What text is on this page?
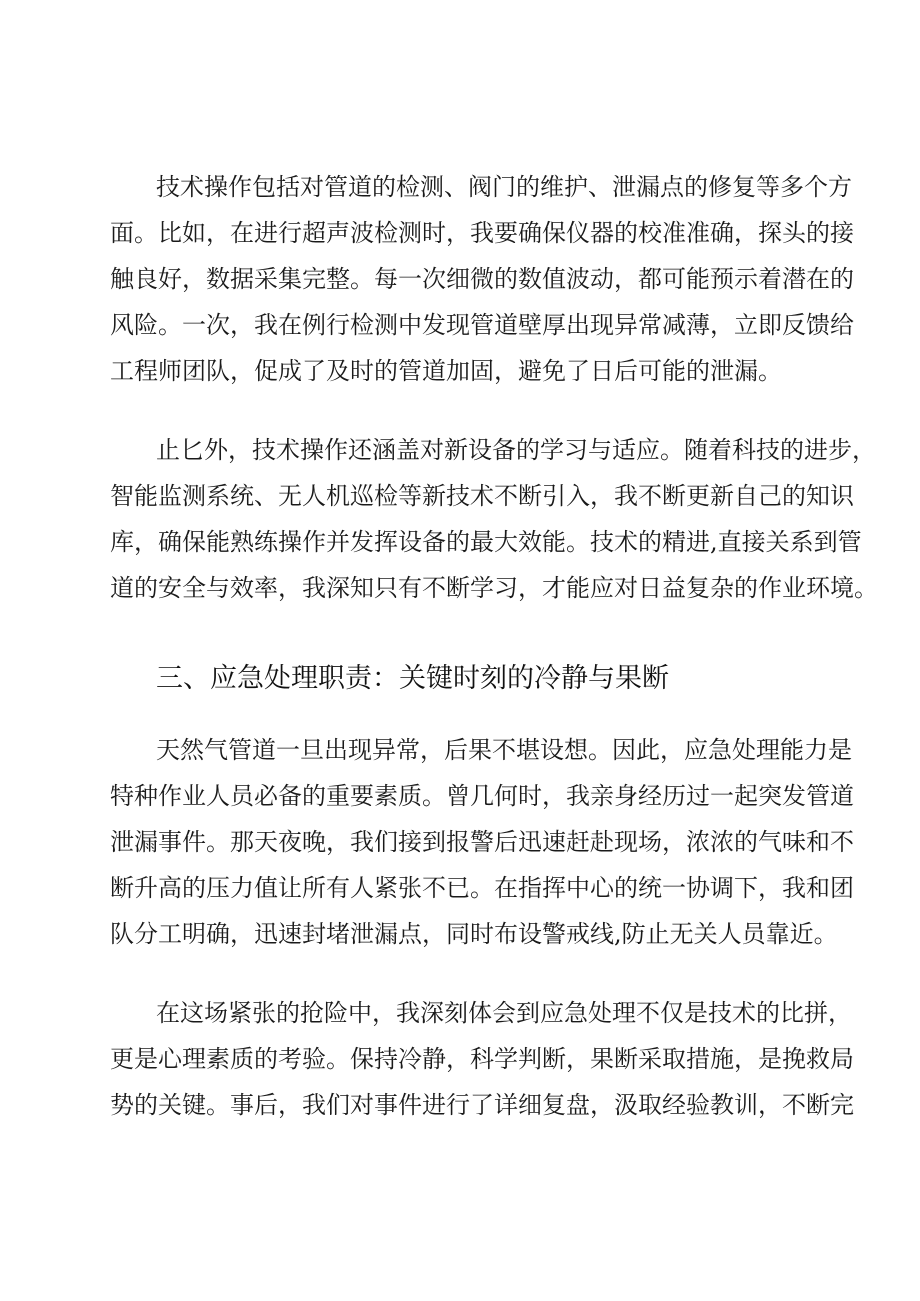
技术操作包括对管道的检测、阀门的维护、泄漏点的修复等多个方
面。比如，在进行超声波检测时，我要确保仪器的校准准确，探头的接
触良好，数据采集完整。每一次细微的数值波动，都可能预示着潜在的
风险。一次，我在例行检测中发现管道壁厚出现异常减薄，立即反馈给
工程师团队，促成了及时的管道加固，避免了日后可能的泄漏。

止匕外，技术操作还涵盖对新设备的学习与适应。随着科技的进步，
智能监测系统、无人机巡检等新技术不断引入，我不断更新自己的知识
库，确保能熟练操作并发挥设备的最大效能。技术的精进,直接关系到管
道的安全与效率，我深知只有不断学习，才能应对日益复杂的作业环境。

三、应急处理职责：关键时刻的冷静与果断

天然气管道一旦出现异常，后果不堪设想。因此，应急处理能力是
特种作业人员必备的重要素质。曾几何时，我亲身经历过一起突发管道
泄漏事件。那天夜晚，我们接到报警后迅速赶赴现场，浓浓的气味和不
断升高的压力值让所有人紧张不已。在指挥中心的统一协调下，我和团
队分工明确，迅速封堵泄漏点，同时布设警戒线,防止无关人员靠近。

在这场紧张的抢险中，我深刻体会到应急处理不仅是技术的比拼，
更是心理素质的考验。保持冷静，科学判断，果断采取措施，是挽救局
势的关键。事后，我们对事件进行了详细复盘，汲取经验教训，不断完
